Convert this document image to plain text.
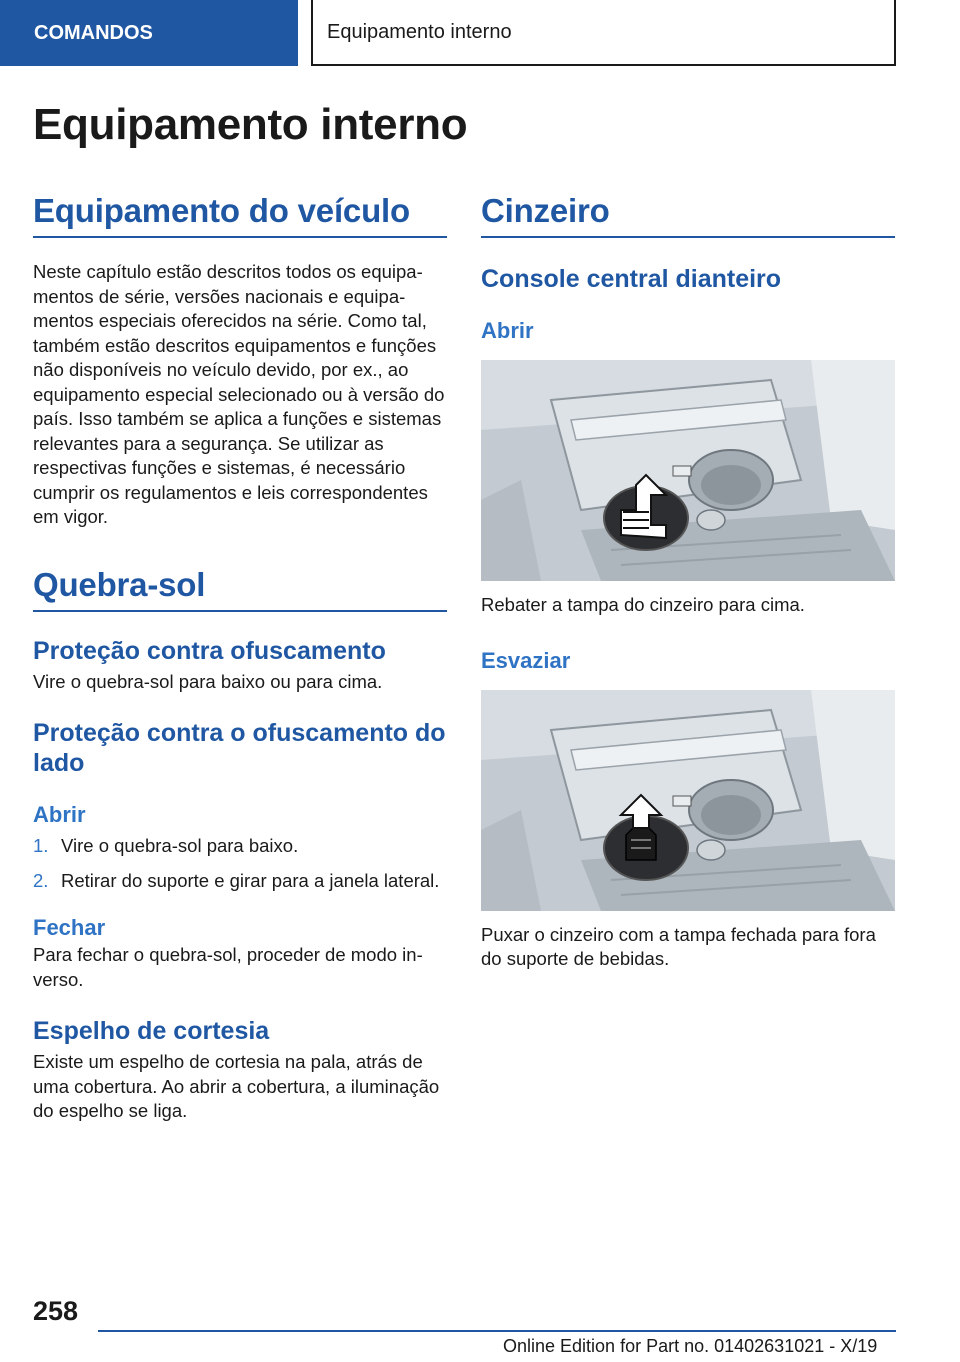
COMANDOS	Equipamento interno
Equipamento interno
Equipamento do veículo

Neste capítulo estão descritos todos os equipamentos de série, versões nacionais e equipamentos especiais oferecidos na série. Como tal, também estão descritos equipamentos e funções não disponíveis no veículo devido, por ex., ao equipamento especial selecionado ou à versão do país. Isso também se aplica a funções e sistemas relevantes para a segurança. Se utilizar as respectivas funções e sistemas, é necessário cumprir os regulamentos e leis correspondentes em vigor.

Quebra-sol
Proteção contra ofuscamento

Vire o quebra-sol para baixo ou para cima.

Proteção contra o ofuscamento do lado
Abrir
1. Vire o quebra-sol para baixo.
2. Retirar do suporte e girar para a janela lateral.
Fechar

Para fechar o quebra-sol, proceder de modo inverso.

Espelho de cortesia

Existe um espelho de cortesia na pala, atrás de uma cobertura. Ao abrir a cobertura, a iluminação do espelho se liga.

Cinzeiro
Console central dianteiro
Abrir

Rebater a tampa do cinzeiro para cima.

Esvaziar

Puxar o cinzeiro com a tampa fechada para fora do suporte de bebidas.

258
Online Edition for Part no. 01402631021 - X/19
